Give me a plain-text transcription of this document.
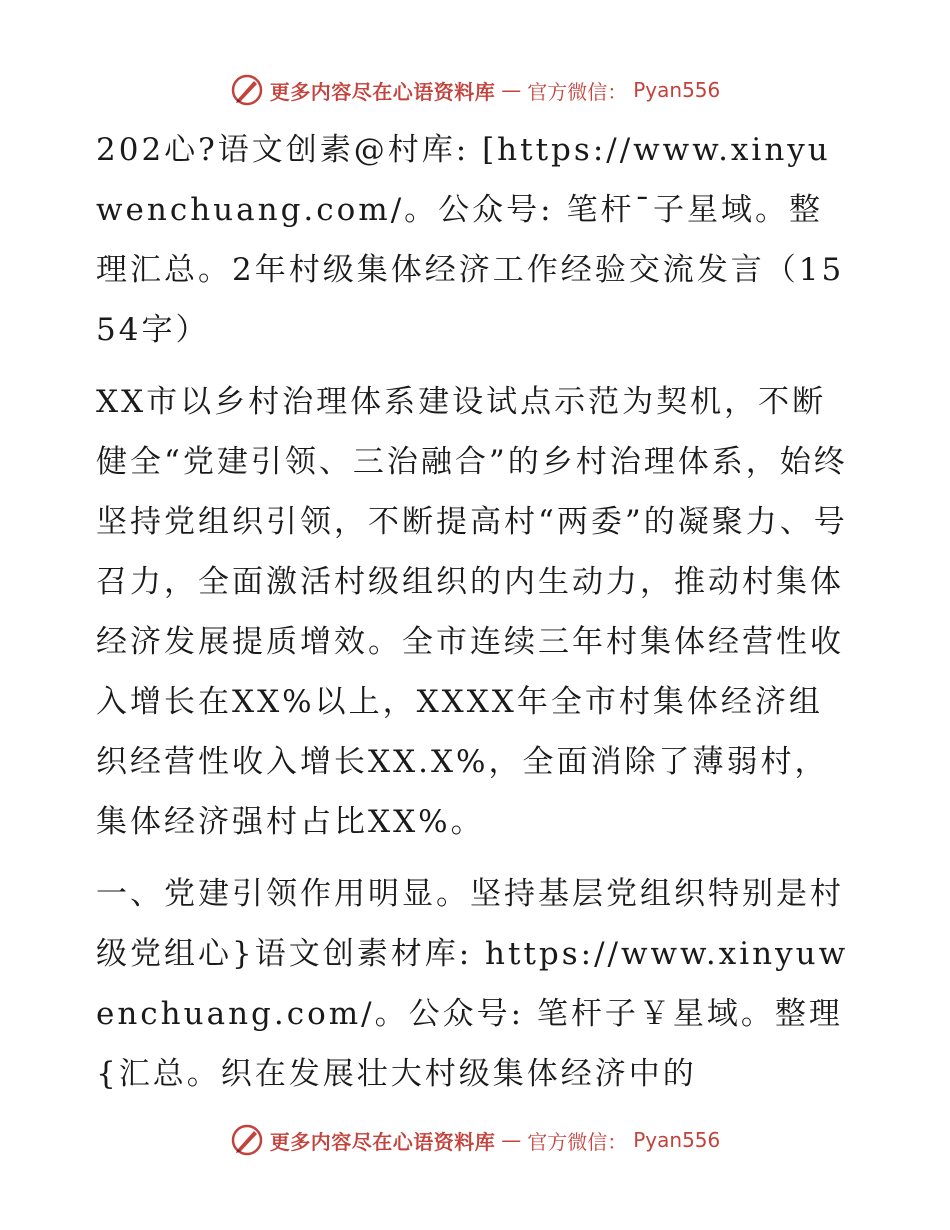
更多内容尽在心语资料库 — 官方微信： Pyan556

202心?语文创素@村库: [https://www.xinyuwenchuang.com/。公众号: 笔杆¯子星域。整理汇总。2年村级集体经济工作经验交流发言（1554字）

XX市以乡村治理体系建设试点示范为契机，不断健全“党建引领、三治融合”的乡村治理体系，始终坚持党组织引领，不断提高村“两委”的凝聚力、号召力，全面激活村级组织的内生动力，推动村集体经济发展提质增效。全市连续三年村集体经营性收入增长在XX%以上，XXXX年全市村集体经济组织经营性收入增长XX.X%，全面消除了薄弱村，集体经济强村占比XX%。

一、党建引领作用明显。坚持基层党组织特别是村级党组心}语文创素材库: https://www.xinyuwenchuang.com/。公众号: 笔杆子￥星域。整理{汇总。织在发展壮大村级集体经济中的

更多内容尽在心语资料库 — 官方微信： Pyan556
